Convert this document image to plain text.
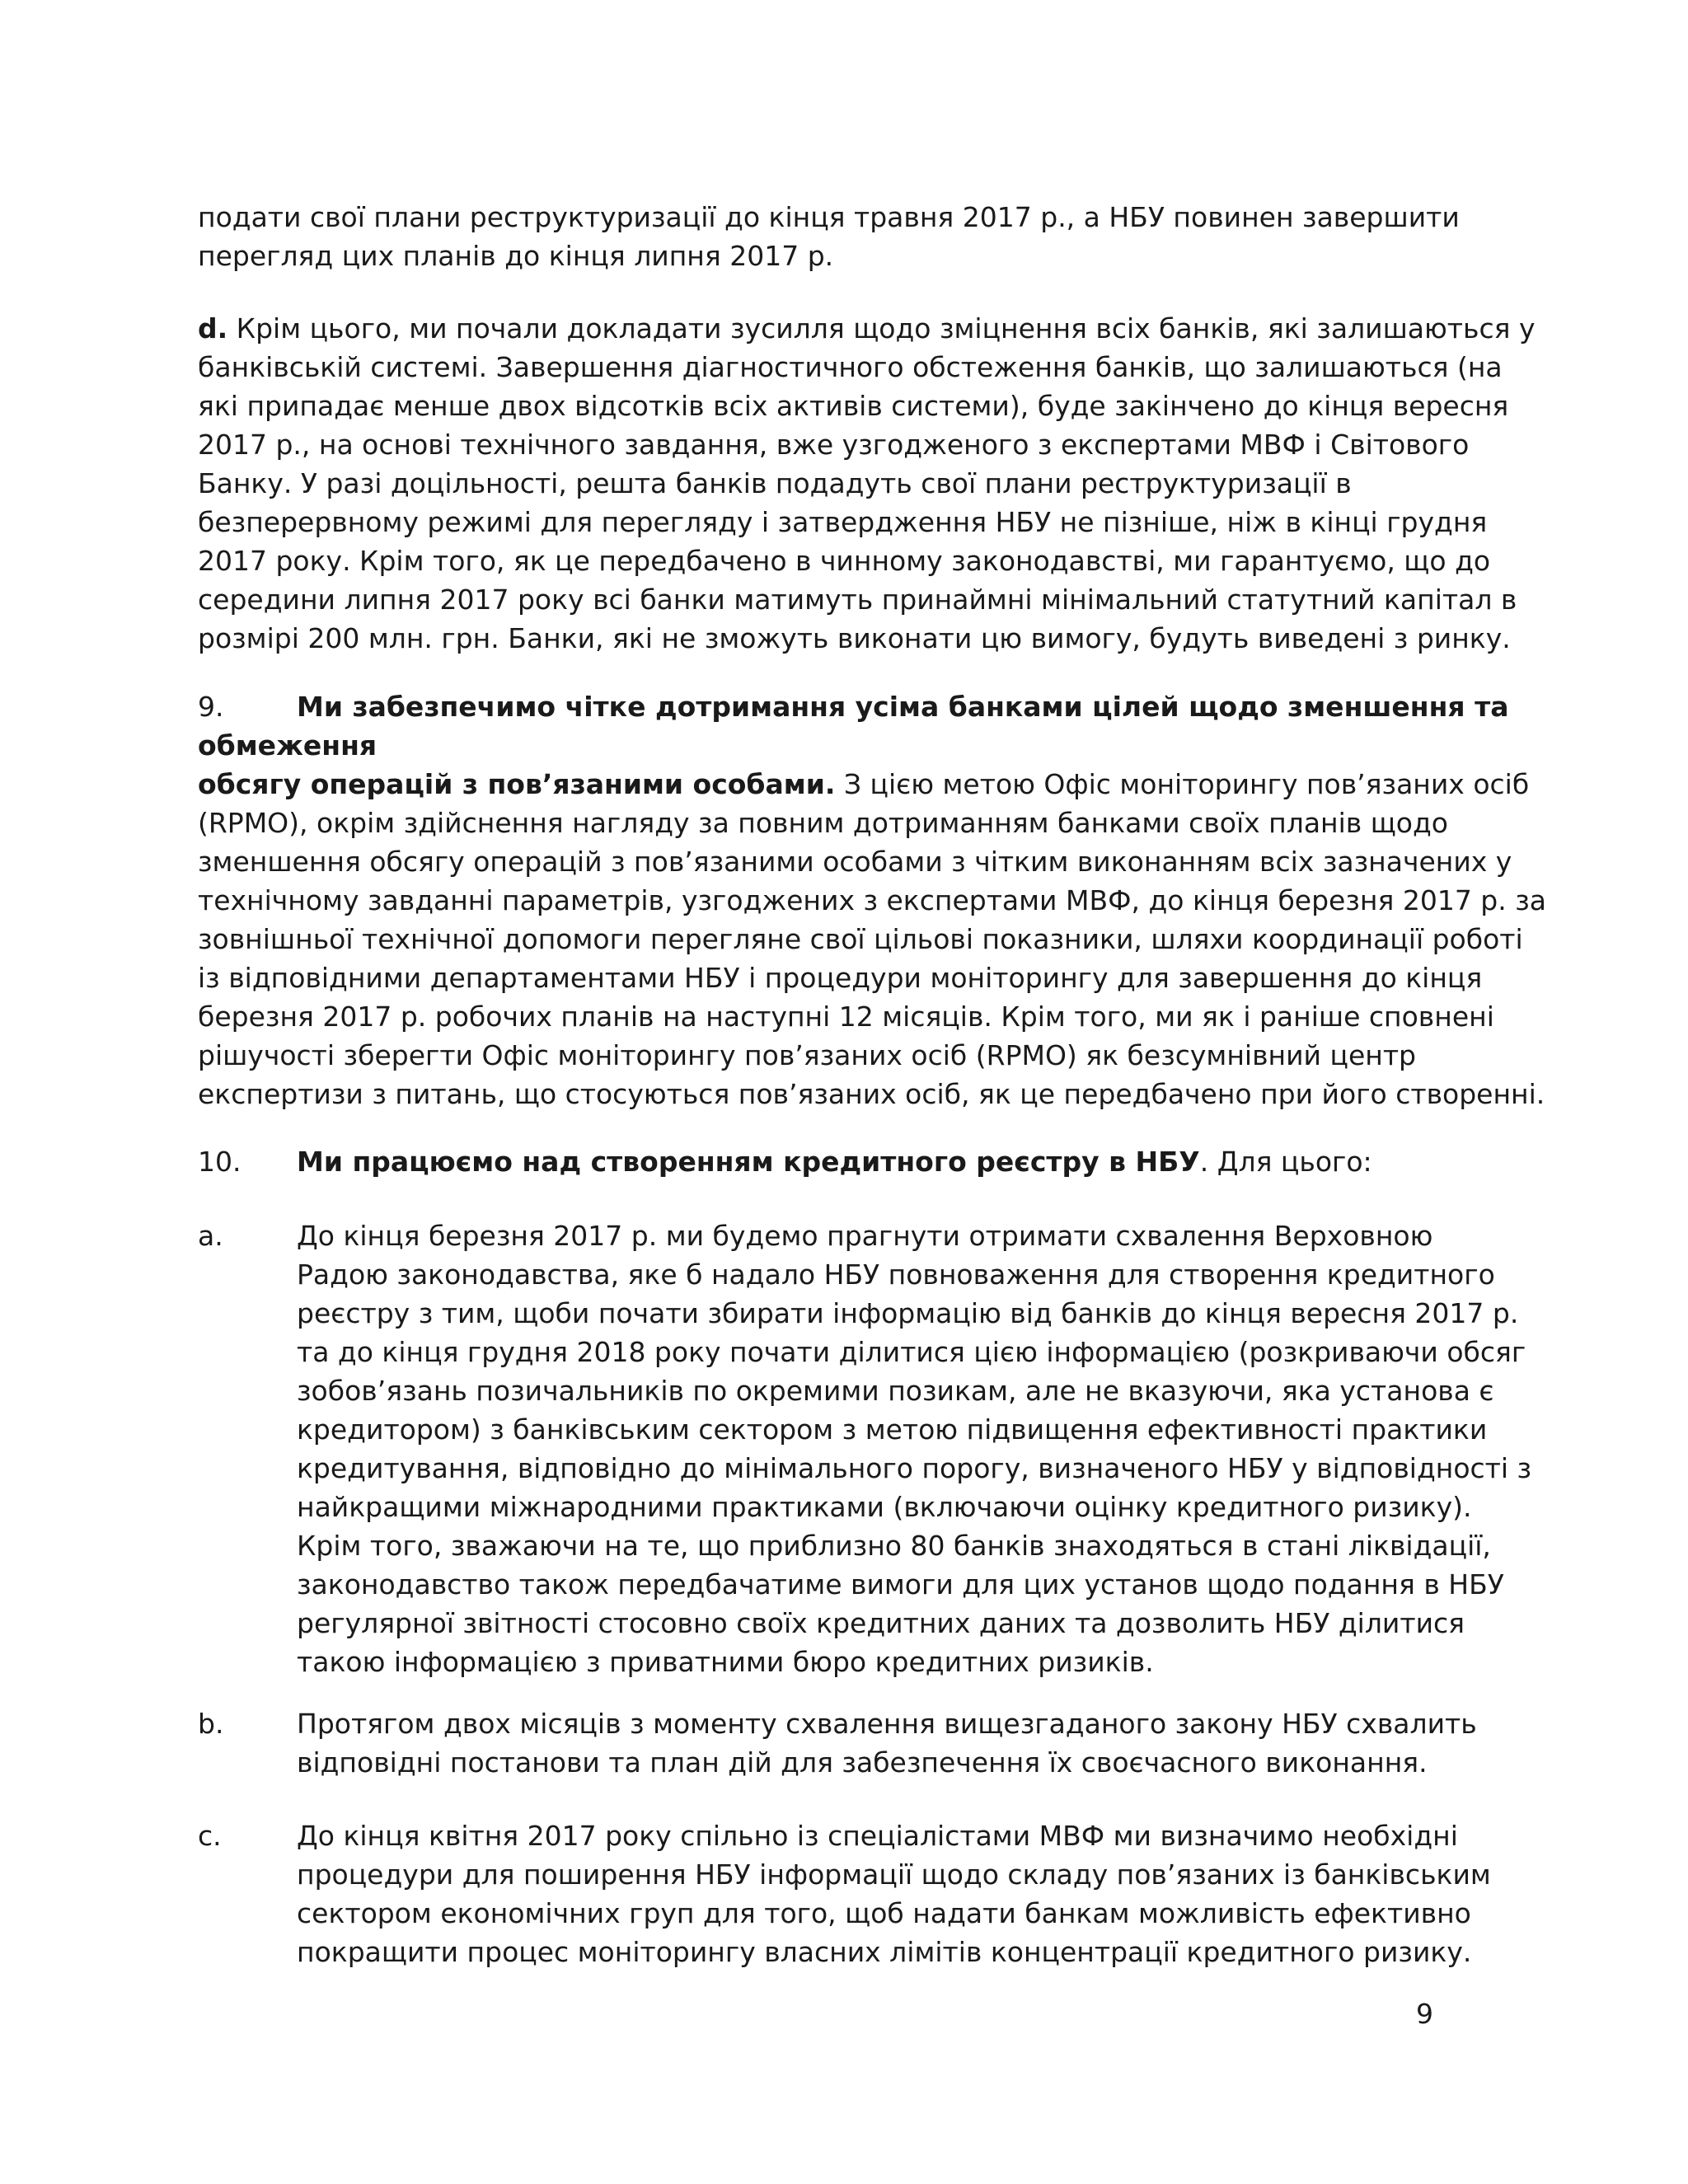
подати свої плани реструктуризації до кінця травня 2017 р., а НБУ повинен завершити
перегляд цих планів до кінця липня 2017 р.
d. Крім цього, ми почали докладати зусилля щодо зміцнення всіх банків, які залишаються у
банківській системі. Завершення діагностичного обстеження банків, що залишаються (на
які припадає менше двох відсотків всіх активів системи), буде закінчено до кінця вересня
2017 р., на основі технічного завдання, вже узгодженого з експертами МВФ і Світового
Банку. У разі доцільності, решта банків подадуть свої плани реструктуризації в
безперервному режимі для перегляду і затвердження НБУ не пізніше, ніж в кінці грудня
2017 року. Крім того, як це передбачено в чинному законодавстві, ми гарантуємо, що до
середини липня 2017 року всі банки матимуть принаймні мінімальний статутний капітал в
розмірі 200 млн. грн. Банки, які не зможуть виконати цю вимогу, будуть виведені з ринку.

9.	Ми забезпечимо чітке дотримання усіма банками цілей щодо зменшення та
обмеження
обсягу операцій з пов’язаними особами. З цією метою Офіс моніторингу пов’язаних осіб
(RPMO), окрім здійснення нагляду за повним дотриманням банками своїх планів щодо
зменшення обсягу операцій з пов’язаними особами з чітким виконанням всіх зазначених у
технічному завданні параметрів, узгоджених з експертами МВФ, до кінця березня 2017 р. за
зовнішньої технічної допомоги перегляне свої цільові показники, шляхи координації роботі
із відповідними департаментами НБУ і процедури моніторингу для завершення до кінця
березня 2017 р. робочих планів на наступні 12 місяців. Крім того, ми як і раніше сповнені
рішучості зберегти Офіс моніторингу пов’язаних осіб (RPMO) як безсумнівний центр
експертизи з питань, що стосуються пов’язаних осіб, як це передбачено при його створенні.

10. Ми працюємо над створенням кредитного реєстру в НБУ. Для цього:

a.	До кінця березня 2017 р. ми будемо прагнути отримати схвалення Верховною
Радою законодавства, яке б надало НБУ повноваження для створення кредитного
реєстру з тим, щоби почати збирати інформацію від банків до кінця вересня 2017 р.
та до кінця грудня 2018 року почати ділитися цією інформацією (розкриваючи обсяг
зобов’язань позичальників по окремими позикам, але не вказуючи, яка установа є
кредитором) з банківським сектором з метою підвищення ефективності практики
кредитування, відповідно до мінімального порогу, визначеного НБУ у відповідності з
найкращими міжнародними практиками (включаючи оцінку кредитного ризику).
Крім того, зважаючи на те, що приблизно 80 банків знаходяться в стані ліквідації,
законодавство також передбачатиме вимоги для цих установ щодо подання в НБУ
регулярної звітності стосовно своїх кредитних даних та дозволить НБУ ділитися
такою інформацією з приватними бюро кредитних ризиків.

b.	Протягом двох місяців з моменту схвалення вищезгаданого закону НБУ схвалить
відповідні постанови та план дій для забезпечення їх своєчасного виконання.

c.	До кінця квітня 2017 року спільно із спеціалістами МВФ ми визначимо необхідні
процедури для поширення НБУ інформації щодо складу пов’язаних із банківським
сектором економічних груп для того, щоб надати банкам можливість ефективно
покращити процес моніторингу власних лімітів концентрації кредитного ризику.
9
